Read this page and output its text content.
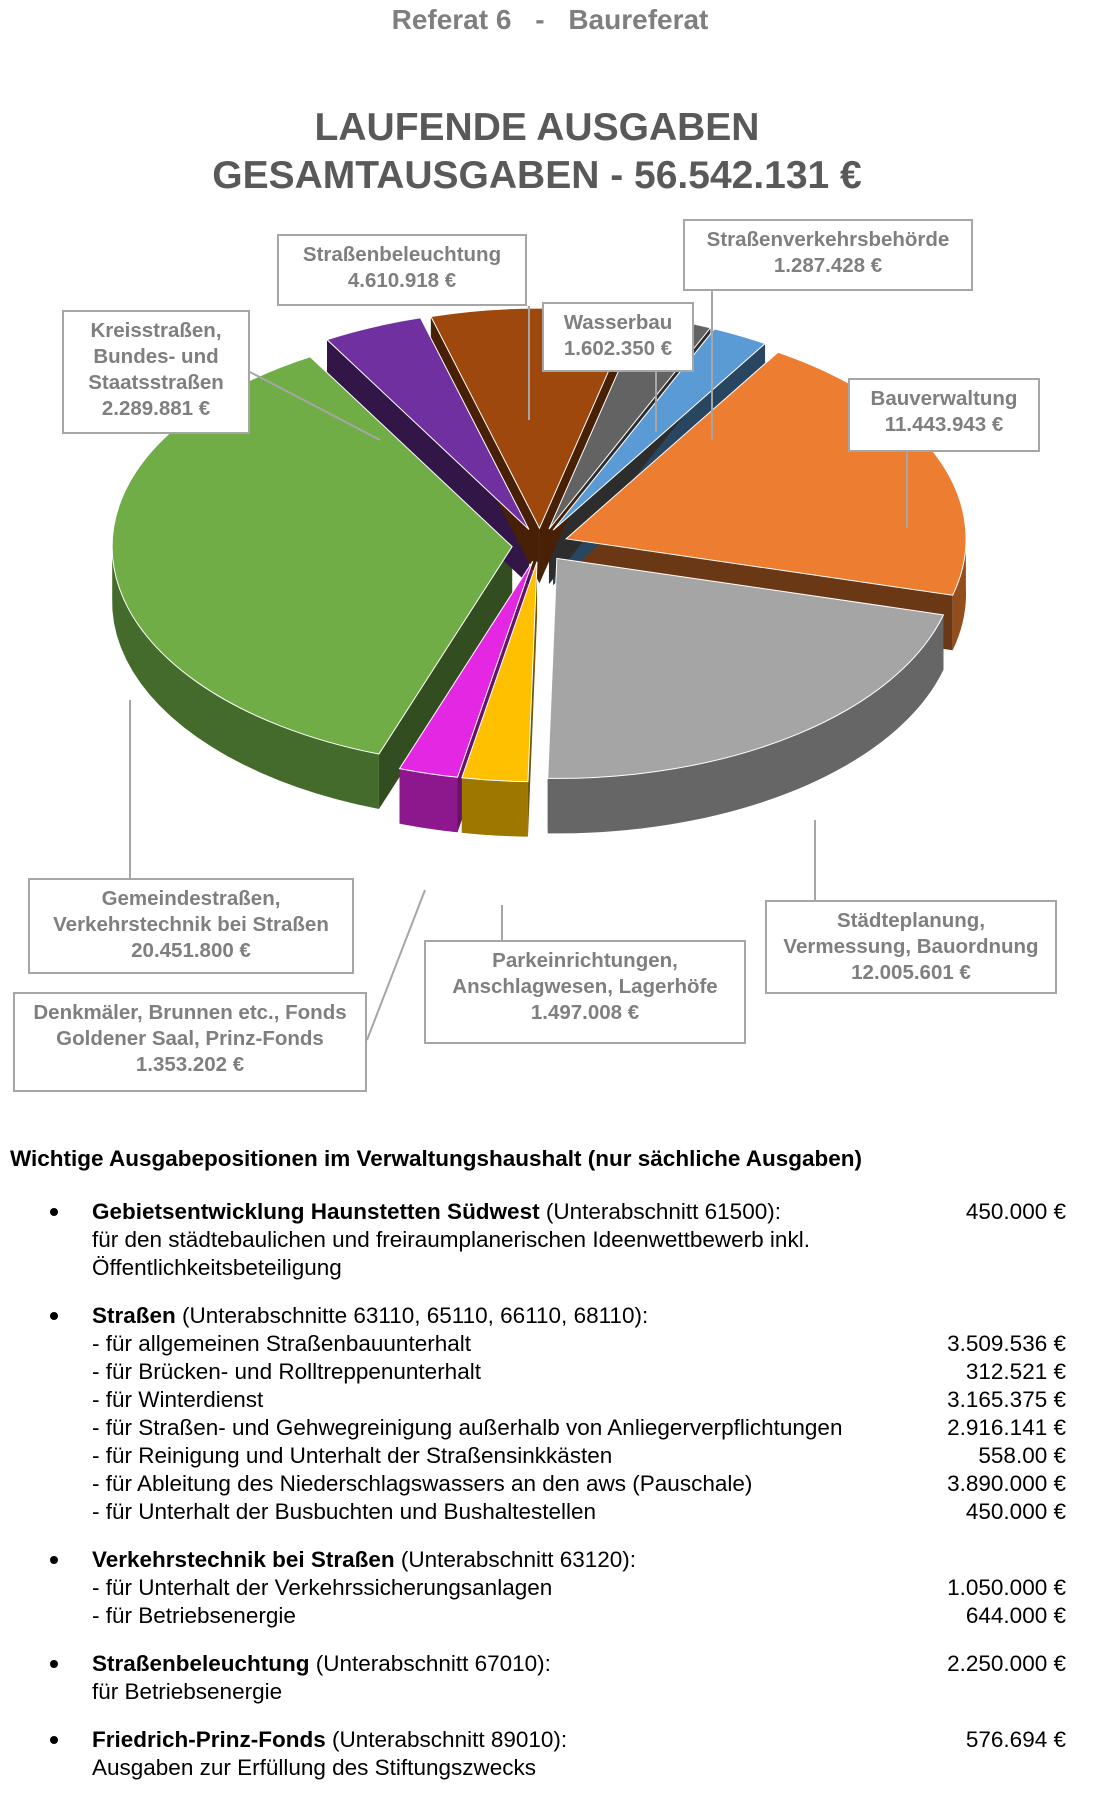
Referat 6 - Baureferat
LAUFENDE AUSGABEN
GESAMTAUSGABEN - 56.542.131 €
Straßenbeleuchtung
4.610.918 €
Straßenverkehrsbehörde
1.287.428 €
Wasserbau
1.602.350 €
Kreisstraßen,
Bundes- und
Staatsstraßen
2.289.881 €	Bauverwaltung
11.443.943 €
Gemeindestraßen,
Verkehrstechnik bei Straßen
20.451.800 €
Städteplanung,
Vermessung, Bauordnung
12.005.601 €
Parkeinrichtungen,
Anschlagwesen, Lagerhöfe
1.497.008 €
Denkmäler, Brunnen etc., Fonds
Goldener Saal, Prinz-Fonds
1.353.202 €
Wichtige Ausgabepositionen im Verwaltungshaushalt (nur sächliche Ausgaben)
Gebietsentwicklung Haunstetten Südwest (Unterabschnitt 61500):	450.000 €
für den städtebaulichen und freiraumplanerischen Ideenwettbewerb inkl.
Öffentlichkeitsbeteiligung
Straßen (Unterabschnitte 63110, 65110, 66110, 68110):
- für allgemeinen Straßenbauunterhalt	3.509.536 €
- für Brücken- und Rolltreppenunterhalt	312.521 €
- für Winterdienst	3.165.375 €
- für Straßen- und Gehwegreinigung außerhalb von Anliegerverpflichtungen	2.916.141 €
- für Reinigung und Unterhalt der Straßensinkkästen	558.00 €
- für Ableitung des Niederschlagswassers an den aws (Pauschale)	3.890.000 €
- für Unterhalt der Busbuchten und Bushaltestellen	450.000 €
Verkehrstechnik bei Straßen (Unterabschnitt 63120):
- für Unterhalt der Verkehrssicherungsanlagen	1.050.000 €
- für Betriebsenergie	644.000 €
Straßenbeleuchtung (Unterabschnitt 67010):	2.250.000 €
für Betriebsenergie
Friedrich-Prinz-Fonds (Unterabschnitt 89010):	576.694 €
Ausgaben zur Erfüllung des Stiftungszwecks
